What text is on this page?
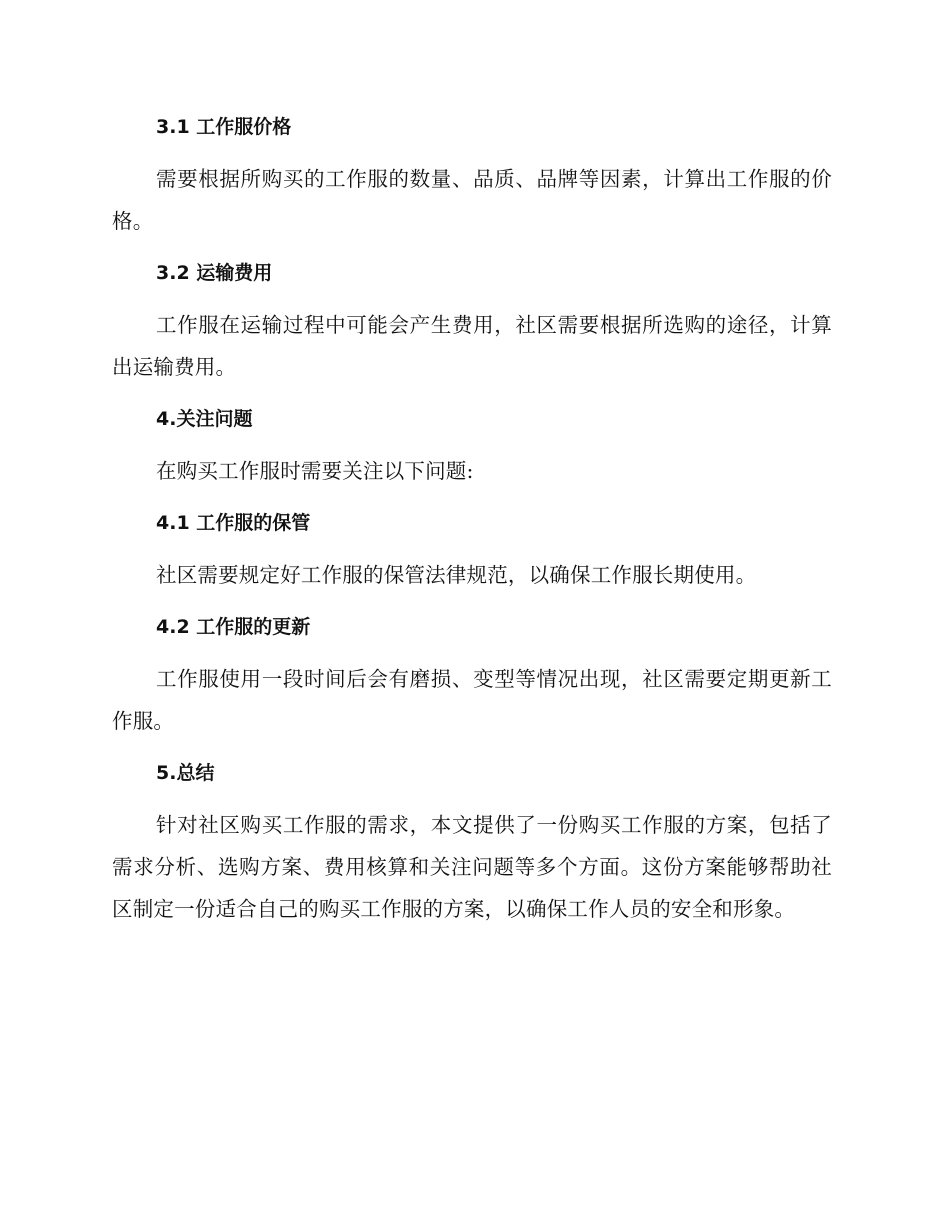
3.1 工作服价格

需要根据所购买的工作服的数量、品质、品牌等因素，计算出工作服的价格。

3.2 运输费用

工作服在运输过程中可能会产生费用，社区需要根据所选购的途径，计算出运输费用。

4.关注问题

在购买工作服时需要关注以下问题:

4.1 工作服的保管

社区需要规定好工作服的保管法律规范，以确保工作服长期使用。

4.2 工作服的更新

工作服使用一段时间后会有磨损、变型等情况出现，社区需要定期更新工作服。

5.总结

针对社区购买工作服的需求，本文提供了一份购买工作服的方案，包括了需求分析、选购方案、费用核算和关注问题等多个方面。这份方案能够帮助社区制定一份适合自己的购买工作服的方案，以确保工作人员的安全和形象。
